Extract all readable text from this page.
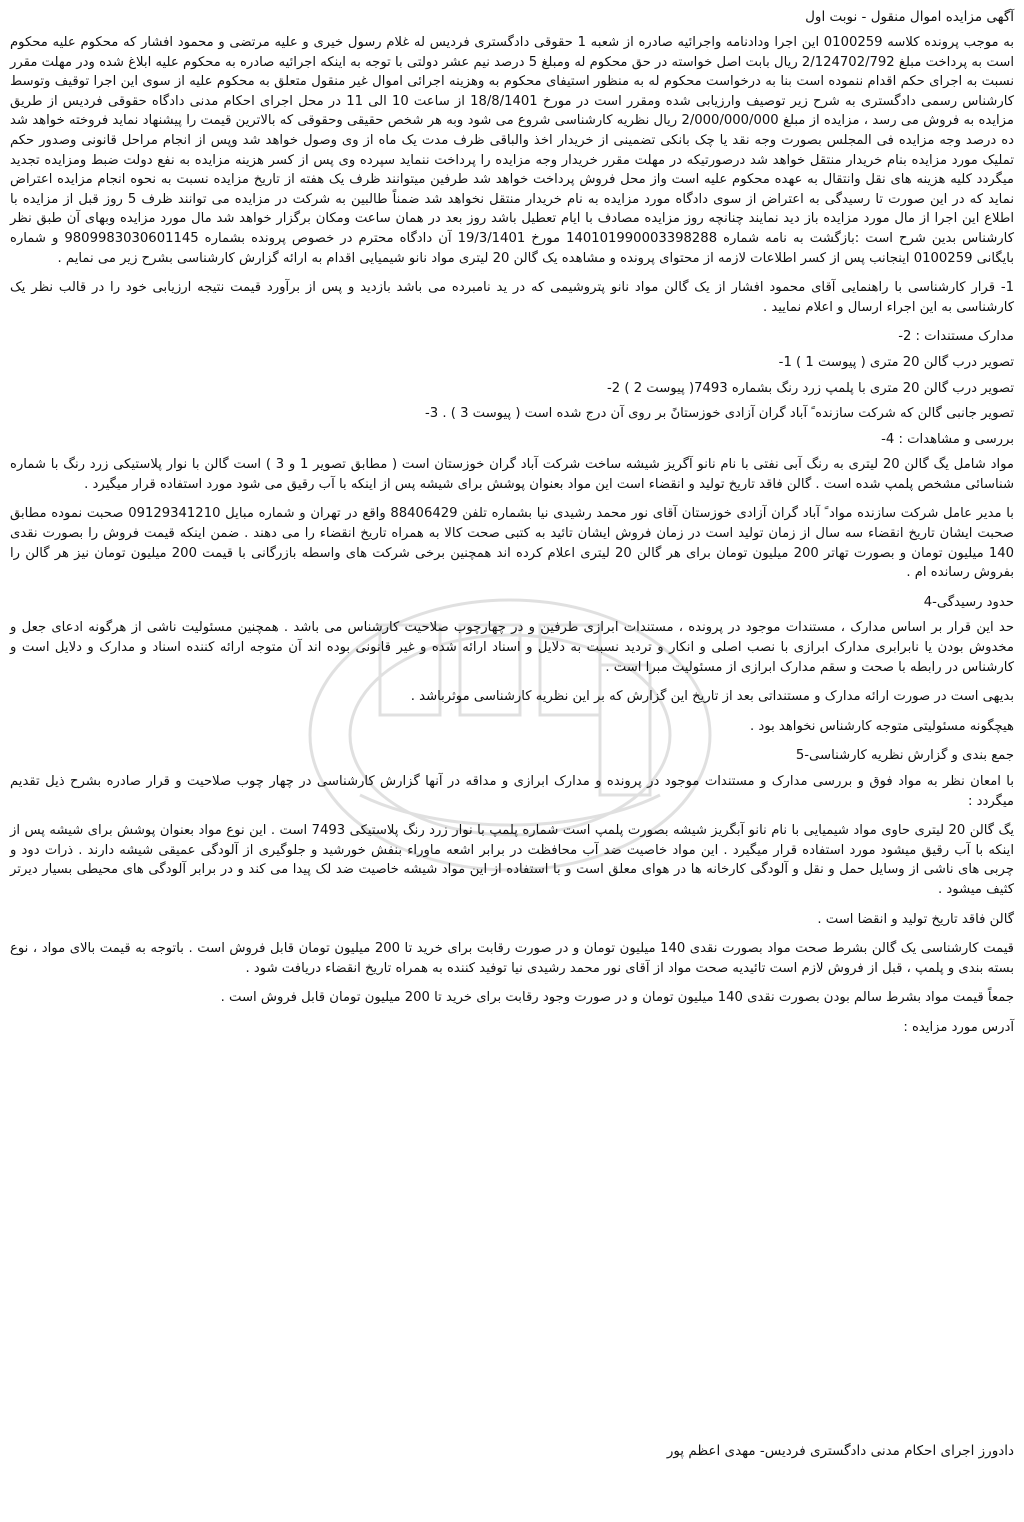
آگهی مزایده اموال منقول - نوبت اول

به موجب پرونده کلاسه 0100259 این اجرا ودادنامه واجرائیه صادره از شعبه 1 حقوقی دادگستری فردیس له غلام رسول خیری و علیه مرتضی و محمود افشار که محکوم علیه محکوم است به پرداخت مبلغ 2/124702/792 ریال بابت اصل خواسته در حق محکوم له ومبلغ 5 درصد نیم عشر دولتی با توجه به اینکه اجرائیه صادره به محکوم علیه ابلاغ شده ودر مهلت مقرر نسبت به اجرای حکم اقدام ننموده است بنا به درخواست محکوم له به منظور استیفای محکوم به وهزینه اجرائی اموال غیر منقول متعلق به محکوم علیه از سوی این اجرا توقیف وتوسط کارشناس رسمی دادگستری به شرح زیر توصیف وارزیابی شده ومقرر است در مورخ 18/8/1401 از ساعت 10 الی 11 در محل اجرای احکام مدنی دادگاه حقوقی فردیس از طریق مزایده به فروش می رسد ، مزایده از مبلغ 2/000/000/000 ریال نظریه کارشناسی شروع می شود وبه هر شخص حقیقی وحقوقی که بالاترین قیمت را پیشنهاد نماید فروخته خواهد شد ده درصد وجه مزایده فی المجلس بصورت وجه نقد یا چک بانکی تضمینی از خریدار اخذ والباقی ظرف مدت یک ماه از وی وصول خواهد شد وپس از انجام مراحل قانونی وصدور حکم تملیک مورد مزایده بنام خریدار منتقل خواهد شد درصورتیکه در مهلت مقرر خریدار وجه مزایده را پرداخت ننماید سپرده وی پس از کسر هزینه مزایده به نفع دولت ضبط ومزایده تجدید میگردد کلیه هزینه های نقل وانتقال به عهده محکوم علیه است واز محل فروش پرداخت خواهد شد طرفین میتوانند ظرف یک هفته از تاریخ مزایده نسبت به نحوه انجام مزایده اعتراض نماید که در این صورت تا رسیدگی به اعتراض از سوی دادگاه مورد مزایده به نام خریدار منتقل نخواهد شد ضمناً طالبین به شرکت در مزایده می توانند ظرف 5 روز قبل از مزایده با اطلاع این اجرا از مال مورد مزایده باز دید نمایند چنانچه روز مزایده مصادف با ایام تعطیل باشد روز بعد در همان ساعت ومکان برگزار خواهد شد مال مورد مزایده وبهای آن طبق نظر کارشناس بدین شرح است :بازگشت به نامه شماره 140101990003398288 مورخ 19/3/1401 آن دادگاه محترم در خصوص پرونده بشماره 9809983030601145 و شماره بایگانی 0100259 اینجانب پس از کسر اطلاعات لازمه از محتوای پرونده و مشاهده یک گالن 20 لیتری مواد نانو شیمیایی اقدام به ارائه گزارش کارشناسی بشرح زیر می نمایم .

1- قرار کارشناسی با راهنمایی آقای محمود افشار از یک گالن مواد نانو پتروشیمی که در ید نامبرده می باشد بازدید و پس از برآورد قیمت نتیجه ارزیابی خود را در قالب نظر یک کارشناسی به این اجراء ارسال و اعلام نمایید .

مدارک مستندات : 2-

تصویر درب گالن 20 متری ( پیوست 1 ) 1-

تصویر درب گالن 20 متری با پلمپ زرد رنگ بشماره 7493( پیوست 2 ) 2-

تصویر جانبی گالن که شرکت سازنده ً آباد گران آزادی خوزستانً بر روی آن درج شده است ( پیوست 3 ) . 3-

بررسی و مشاهدات : 4-

مواد شامل یگ گالن 20 لیتری به رنگ آبی نفتی با نام نانو آگریز شیشه ساخت شرکت آباد گران خوزستان است ( مطابق تصویر 1 و 3 ) است گالن با نوار پلاستیکی زرد رنگ با شماره شناسائی مشخص پلمپ شده است . گالن فاقد تاریخ تولید و انقضاء است این مواد بعنوان پوشش برای شیشه پس از اینکه با آب رقیق می شود مورد استفاده قرار میگیرد .

با مدیر عامل شرکت سازنده مواد ً آباد گران آزادی خوزستان آقای نور محمد رشیدی نیا بشماره تلفن 88406429 واقع در تهران و شماره مبایل 09129341210 صحبت نموده مطابق صحبت ایشان تاریخ انقضاء سه سال از زمان تولید است در زمان فروش ایشان تائید به کتبی صحت کالا به همراه تاریخ انقضاء را می دهند . ضمن اینکه قیمت فروش را بصورت نقدی 140 میلیون تومان و بصورت تهاتر 200 میلیون تومان برای هر گالن 20 لیتری اعلام کرده اند همچنین برخی شرکت های واسطه بازرگانی با قیمت 200 میلیون تومان نیز هر گالن را بفروش رسانده ام .

حدود رسیدگی-4

حد این قرار بر اساس مدارک ، مستندات موجود در پرونده ، مستندات ابرازی طرفین و در چهارچوب صلاحیت کارشناس می باشد . همچنین مسئولیت ناشی از هرگونه ادعای جعل و مخدوش بودن یا نابرابری مدارک ابرازی با نصب اصلی و انکار و تردید نسبت به دلایل و اسناد ارائه شده و غیر قانونی بوده اند آن متوجه ارائه کننده اسناد و مدارک و دلایل است و کارشناس در رابطه با صحت و سقم مدارک ابرازی از مسئولیت مبرا است .

بدیهی است در صورت ارائه مدارک و مستنداتی بعد از تاریخ این گزارش که بر این نظریه کارشناسی موثرباشد .

هیچگونه مسئولیتی متوجه کارشناس نخواهد بود .

جمع بندی و گزارش نظریه کارشناسی-5

با امعان نظر به مواد فوق و بررسی مدارک و مستندات موجود در پرونده و مدارک ابرازی و مداقه در آنها گزارش کارشناسی در چهار چوب صلاحیت و قرار صادره بشرح ذیل تقدیم میگردد :

یگ گالن 20 لیتری حاوی مواد شیمیایی با نام نانو آبگریز شیشه بصورت پلمپ است شماره پلمپ با نوار زرد رنگ پلاستیکی 7493 است . این نوع مواد بعنوان پوشش برای شیشه پس از اینکه با آب رقیق میشود مورد استفاده قرار میگیرد . این مواد خاصیت ضد آب محافظت در برابر اشعه ماوراء بنفش خورشید و جلوگیری از آلودگی عمیقی شیشه دارند . ذرات دود و چربی های ناشی از وسایل حمل و نقل و آلودگی کارخانه ها در هوای معلق است و با استفاده از این مواد شیشه خاصیت ضد لک پیدا می کند و در برابر آلودگی های محیطی بسیار دیرتر کثیف میشود .

گالن فاقد تاریخ تولید و انقضا است .

قیمت کارشناسی یک گالن بشرط صحت مواد بصورت نقدی 140 میلیون تومان و در صورت رقابت برای خرید تا 200 میلیون تومان قابل فروش است . باتوجه به قیمت بالای مواد ، نوع بسته بندی و پلمپ ، قبل از فروش لازم است تائیدیه صحت مواد از آقای نور محمد رشیدی نیا توفید کننده به همراه تاریخ انقضاء دریافت شود .

جمعاً قیمت مواد بشرط سالم بودن بصورت نقدی 140 میلیون تومان و در صورت وجود رقابت برای خرید تا 200 میلیون تومان قابل فروش است .

آدرس مورد مزایده :

دادورز اجرای احکام مدنی دادگستری فردیس- مهدی اعظم پور
